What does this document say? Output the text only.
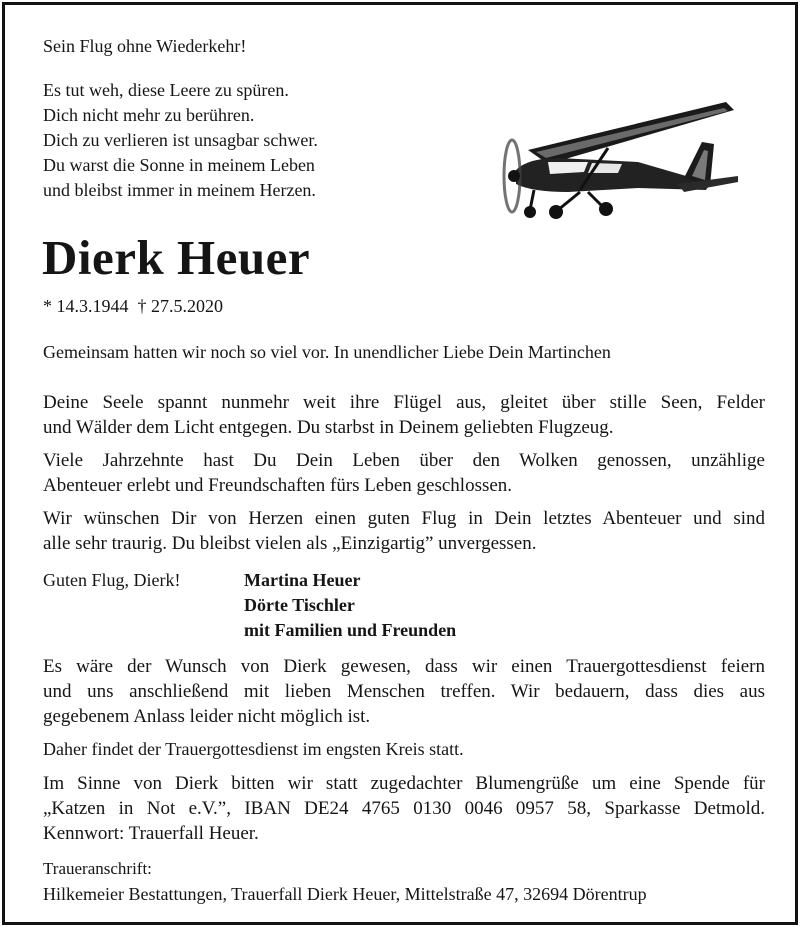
Sein Flug ohne Wiederkehr!
Es tut weh, diese Leere zu spüren.
Dich nicht mehr zu berühren.
Dich zu verlieren ist unsagbar schwer.
Du warst die Sonne in meinem Leben
und bleibst immer in meinem Herzen.
Dierk Heuer
* 14.3.1944  † 27.5.2020
Gemeinsam hatten wir noch so viel vor. In unendlicher Liebe Dein Martinchen
Deine Seele spannt nunmehr weit ihre Flügel aus, gleitet über stille Seen, Felder
und Wälder dem Licht entgegen. Du starbst in Deinem geliebten Flugzeug.
Viele Jahrzehnte hast Du Dein Leben über den Wolken genossen, unzählige
Abenteuer erlebt und Freundschaften fürs Leben geschlossen.
Wir wünschen Dir von Herzen einen guten Flug in Dein letztes Abenteuer und sind
alle sehr traurig. Du bleibst vielen als „Einzigartig” unvergessen.
Guten Flug, Dierk!	Martina Heuer
Dörte Tischler
mit Familien und Freunden
Es wäre der Wunsch von Dierk gewesen, dass wir einen Trauergottesdienst feiern
und uns anschließend mit lieben Menschen treffen. Wir bedauern, dass dies aus
gegebenem Anlass leider nicht möglich ist.
Daher findet der Trauergottesdienst im engsten Kreis statt.
Im Sinne von Dierk bitten wir statt zugedachter Blumengrüße um eine Spende für
„Katzen in Not e.V.”, IBAN DE24 4765 0130 0046 0957 58, Sparkasse Detmold.
Kennwort: Trauerfall Heuer.
Traueranschrift:
Hilkemeier Bestattungen, Trauerfall Dierk Heuer, Mittelstraße 47, 32694 Dörentrup
